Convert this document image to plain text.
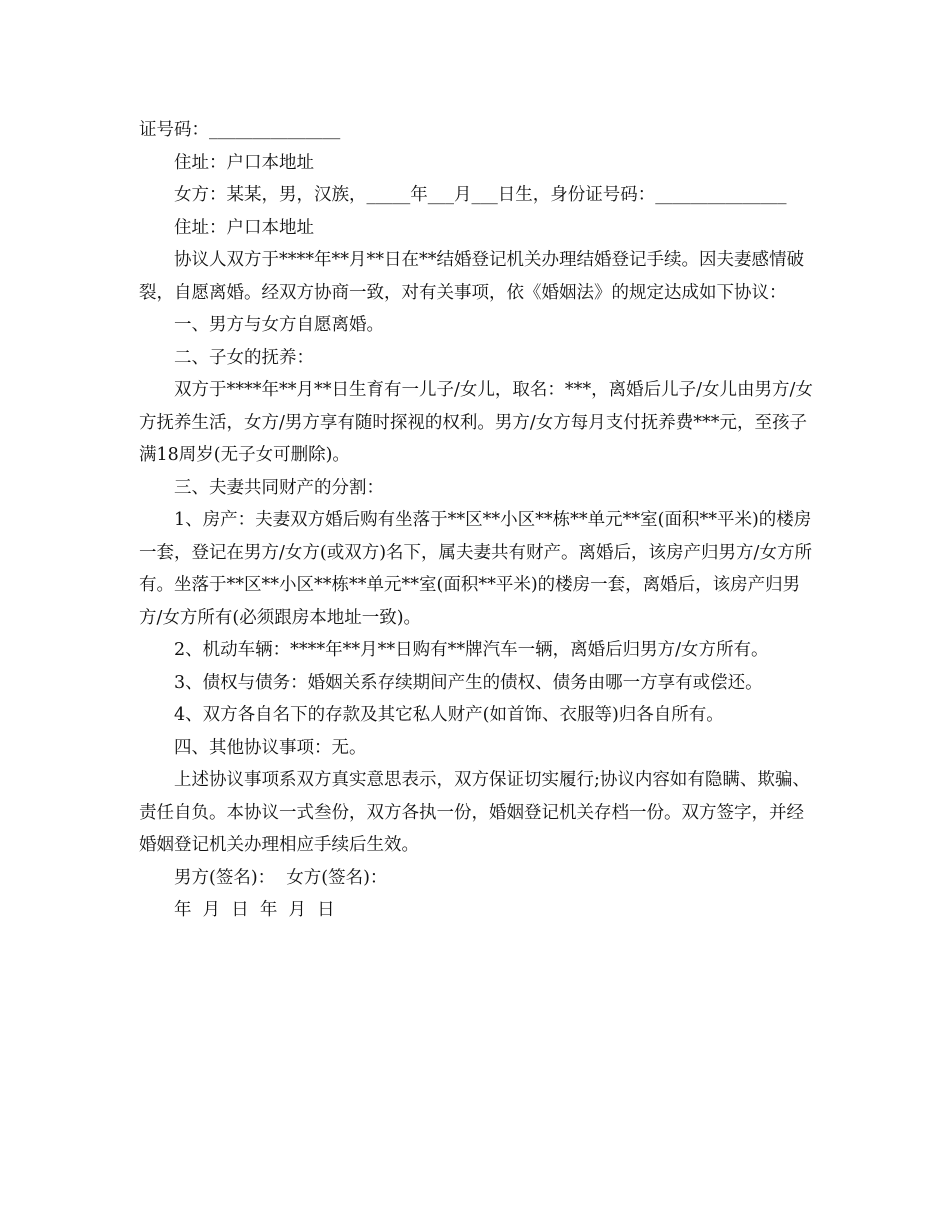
证号码：_______________

住址：户口本地址

女方：某某，男，汉族，_____年___月___日生，身份证号码：_______________

住址：户口本地址

协议人双方于****年**月**日在**结婚登记机关办理结婚登记手续。因夫妻感情破裂，自愿离婚。经双方协商一致，对有关事项，依《婚姻法》的规定达成如下协议：

一、男方与女方自愿离婚。

二、子女的抚养：

双方于****年**月**日生育有一儿子/女儿，取名：***，离婚后儿子/女儿由男方/女方抚养生活，女方/男方享有随时探视的权利。男方/女方每月支付抚养费***元，至孩子满18周岁(无子女可删除)。

三、夫妻共同财产的分割：

1、房产：夫妻双方婚后购有坐落于**区**小区**栋**单元**室(面积**平米)的楼房一套，登记在男方/女方(或双方)名下，属夫妻共有财产。离婚后，该房产归男方/女方所有。坐落于**区**小区**栋**单元**室(面积**平米)的楼房一套，离婚后，该房产归男方/女方所有(必须跟房本地址一致)。

2、机动车辆：****年**月**日购有**牌汽车一辆，离婚后归男方/女方所有。

3、债权与债务：婚姻关系存续期间产生的债权、债务由哪一方享有或偿还。

4、双方各自名下的存款及其它私人财产(如首饰、衣服等)归各自所有。

四、其他协议事项：无。

上述协议事项系双方真实意思表示，双方保证切实履行;协议内容如有隐瞒、欺骗、责任自负。本协议一式叁份，双方各执一份，婚姻登记机关存档一份。双方签字，并经婚姻登记机关办理相应手续后生效。

男方(签名)：  女方(签名)：

年  月  日  年  月  日
